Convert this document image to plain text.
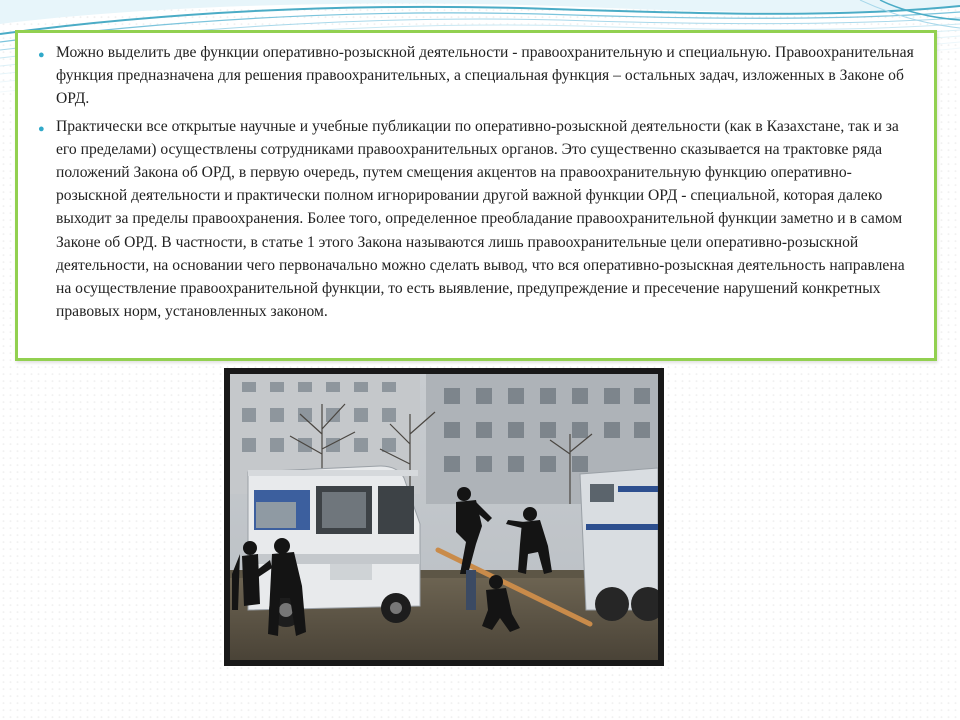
● Можно выделить две функции оперативно-розыскной деятельности - правоохранительную и специальную. Правоохранительная функция предназначена для решения правоохранительных, а специальная функция – остальных задач, изложенных в Законе об ОРД.
● Практически все открытые научные и учебные публикации по оперативно-розыскной деятельности (как в Казахстане, так и за его пределами) осуществлены сотрудниками правоохранительных органов. Это существенно сказывается на трактовке ряда положений Закона об ОРД, в первую очередь, путем смещения акцентов на правоохранительную функцию оперативно-розыскной деятельности и практически полном игнорировании другой важной функции ОРД - специальной, которая далеко выходит за пределы правоохранения. Более того, определенное преобладание правоохранительной функции заметно и в самом Законе об ОРД. В частности, в статье 1 этого Закона называются лишь правоохранительные цели оперативно-розыскной деятельности, на основании чего первоначально можно сделать вывод, что вся оперативно-розыскная деятельность направлена на осуществление правоохранительной функции, то есть выявление, предупреждение и пресечение нарушений конкретных правовых норм, установленных законом.
